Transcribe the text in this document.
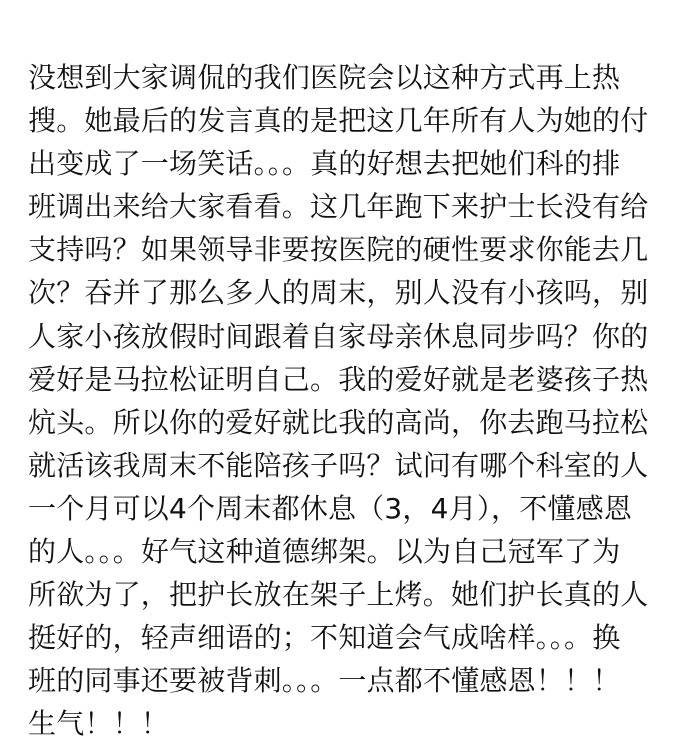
没想到大家调侃的我们医院会以这种方式再上热
搜。她最后的发言真的是把这几年所有人为她的付
出变成了一场笑话。。。真的好想去把她们科的排
班调出来给大家看看。这几年跑下来护士长没有给
支持吗？如果领导非要按医院的硬性要求你能去几
次？吞并了那么多人的周末，别人没有小孩吗，别
人家小孩放假时间跟着自家母亲休息同步吗？你的
爱好是马拉松证明自己。我的爱好就是老婆孩子热
炕头。所以你的爱好就比我的高尚，你去跑马拉松
就活该我周末不能陪孩子吗？试问有哪个科室的人
一个月可以4个周末都休息（3，4月），不懂感恩
的人。。。好气这种道德绑架。以为自己冠军了为
所欲为了，把护长放在架子上烤。她们护长真的人
挺好的，轻声细语的；不知道会气成啥样。。。换
班的同事还要被背刺。。。一点都不懂感恩！！！
生气！！！
